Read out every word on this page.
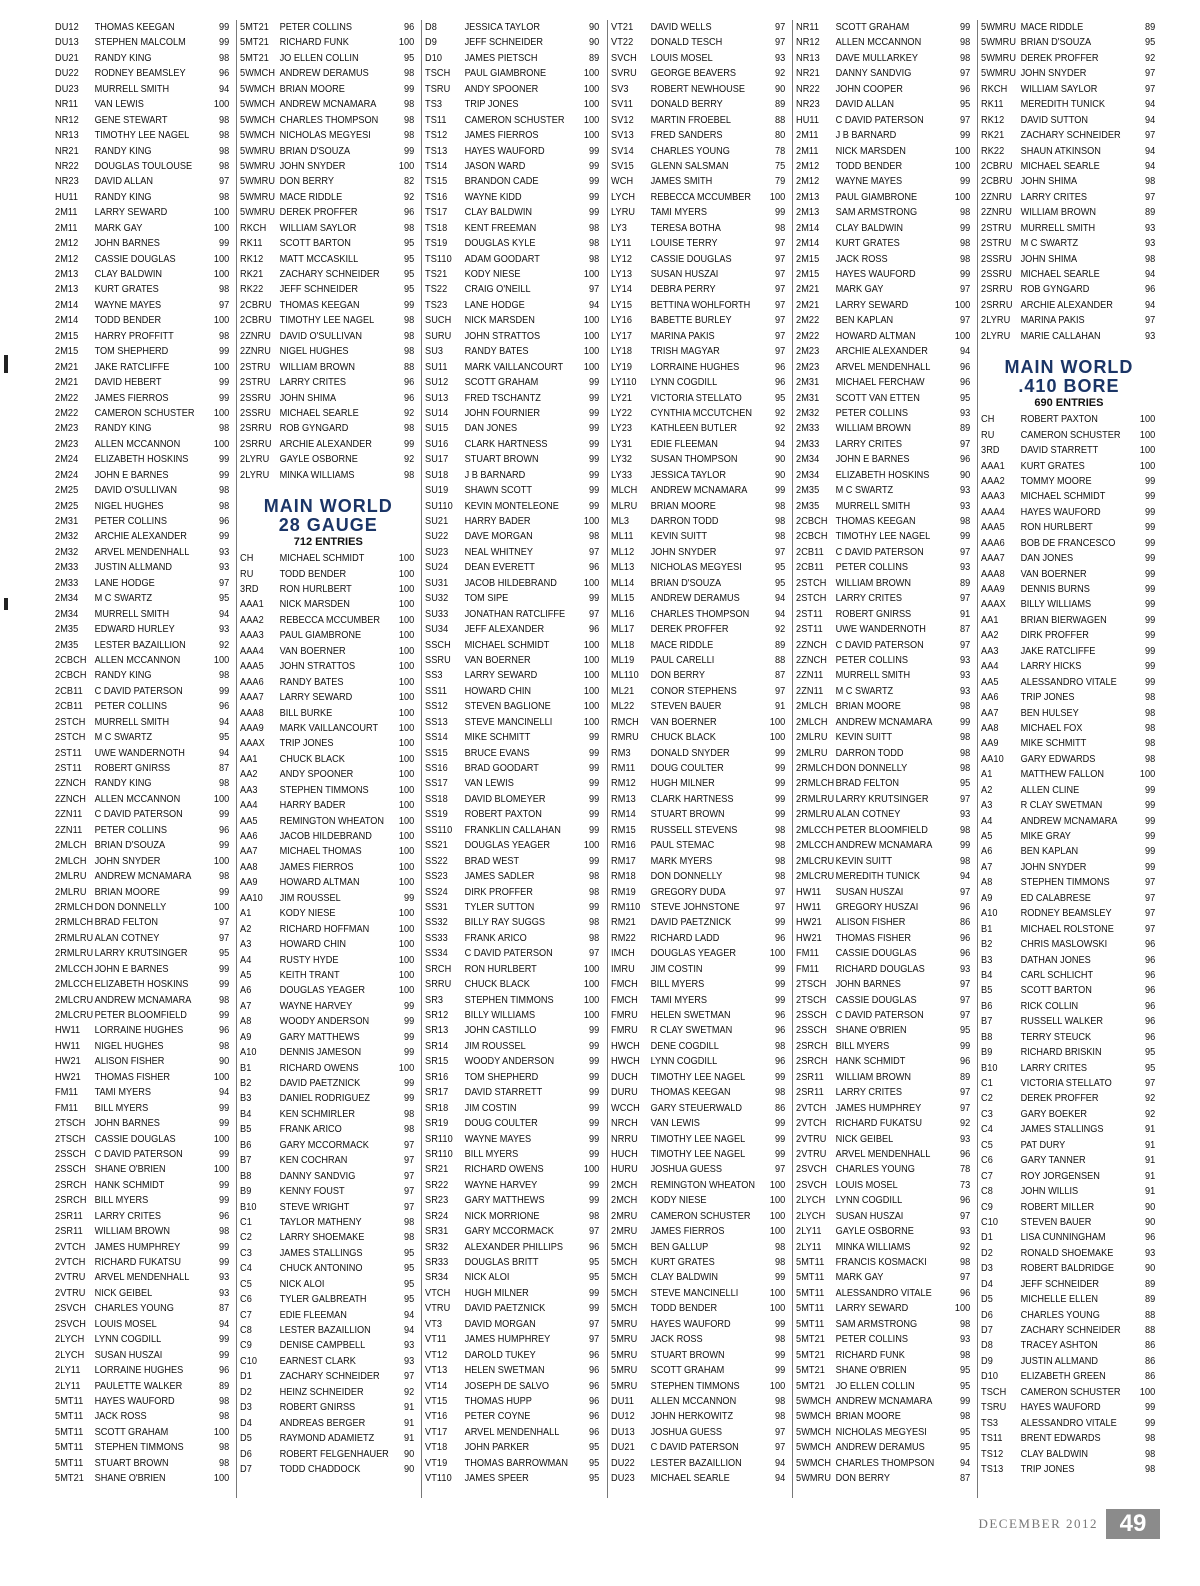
DU12	THOMAS KEEGAN	99
DU13	STEPHEN MALCOLM	99
DU21	RANDY KING	98
DU22	RODNEY BEAMSLEY	96
DU23	MURRELL SMITH	94
NR11	VAN LEWIS	100
NR12	GENE STEWART	98
NR13	TIMOTHY LEE NAGEL	98
NR21	RANDY KING	98
NR22	DOUGLAS TOULOUSE	98
NR23	DAVID ALLAN	97
HU11	RANDY KING	98
2M11	LARRY SEWARD	100
2M11	MARK GAY	100
2M12	JOHN BARNES	99
2M12	CASSIE DOUGLAS	100
2M13	CLAY BALDWIN	100
2M13	KURT GRATES	98
2M14	WAYNE MAYES	97
2M14	TODD BENDER	100
2M15	HARRY PROFFITT	98
2M15	TOM SHEPHERD	99
2M21	JAKE RATCLIFFE	100
2M21	DAVID HEBERT	99
2M22	JAMES FIERROS	99
2M22	CAMERON SCHUSTER	100
2M23	RANDY KING	98
2M23	ALLEN MCCANNON	100
2M24	ELIZABETH HOSKINS	99
2M24	JOHN E BARNES	99
2M25	DAVID O'SULLIVAN	98
2M25	NIGEL HUGHES	98
2M31	PETER COLLINS	96
2M32	ARCHIE ALEXANDER	99
2M32	ARVEL MENDENHALL	93
2M33	JUSTIN ALLMAND	93
2M33	LANE HODGE	97
2M34	M C SWARTZ	95
2M34	MURRELL SMITH	94
2M35	EDWARD HURLEY	93
2M35	LESTER BAZAILLION	92
2CBCH ALLEN MCCANNON	100
2CBCH RANDY KING	98
2CB11	C DAVID PATERSON	99
2CB11	PETER COLLINS	96
2STCH MURRELL SMITH	94
2STCH M C SWARTZ	95
2ST11	UWE WANDERNOTH	94
2ST11	ROBERT GNIRSS	87
2ZNCH RANDY KING	98
2ZNCH ALLEN MCCANNON	100
2ZN11	C DAVID PATERSON	99
2ZN11	PETER COLLINS	96
2MLCH BRIAN D'SOUZA	99
2MLCH JOHN SNYDER	100
2MLRU ANDREW MCNAMARA	98
2MLRU BRIAN MOORE	99
2RMLCH DON DONNELLY	100
2RMLCH BRAD FELTON	97
2RMLRU ALAN COTNEY	97
2RMLRU LARRY KRUTSINGER	95
2MLCCH JOHN E BARNES	99
2MLCCH ELIZABETH HOSKINS	99
2MLCRU ANDREW MCNAMARA	98
2MLCRU PETER BLOOMFIELD	99
HW11	LORRAINE HUGHES	96
HW11	NIGEL HUGHES	98
HW21	ALISON FISHER	90
HW21	THOMAS FISHER	100
FM11	TAMI MYERS	94
FM11	BILL MYERS	99
2TSCH JOHN BARNES	99
2TSCH CASSIE DOUGLAS	100
2SSCH C DAVID PATERSON	99
2SSCH SHANE O'BRIEN	100
2SRCH HANK SCHMIDT	99
2SRCH BILL MYERS	99
2SR11	LARRY CRITES	96
2SR11	WILLIAM BROWN	98
2VTCH JAMES HUMPHREY	99
2VTCH RICHARD FUKATSU	99
2VTRU ARVEL MENDENHALL	93
2VTRU NICK GEIBEL	93
2SVCH CHARLES YOUNG	87
2SVCH LOUIS MOSEL	94
2LYCH	LYNN COGDILL	99
2LYCH	SUSAN HUSZAI	99
2LY11	LORRAINE HUGHES	96
2LY11	PAULETTE WALKER	89
5MT11	HAYES WAUFORD	98
5MT11	JACK ROSS	98
5MT11	SCOTT GRAHAM	100
5MT11	STEPHEN TIMMONS	98
5MT11	STUART BROWN	98
5MT21	SHANE O'BRIEN	100
5MT21	PETER COLLINS	96
5MT21	RICHARD FUNK	100
5MT21	JO ELLEN COLLIN	95
5WMCH ANDREW DERAMUS	98
5WMCH BRIAN MOORE	99
5WMCH ANDREW MCNAMARA	98
5WMCH CHARLES THOMPSON	98
5WMCH NICHOLAS MEGYESI	98
5WMRU BRIAN D'SOUZA	99
5WMRU JOHN SNYDER	100
5WMRU DON BERRY	82
5WMRU MACE RIDDLE	92
5WMRU DEREK PROFFER	96
RKCH	WILLIAM SAYLOR	98
RK11	SCOTT BARTON	95
RK12	MATT MCCASKILL	95
RK21	ZACHARY SCHNEIDER	95
RK22	JEFF SCHNEIDER	95
2CBRU THOMAS KEEGAN	99
2CBRU TIMOTHY LEE NAGEL	98
2ZNRU DAVID O'SULLIVAN	98
2ZNRU NIGEL HUGHES	98
2STRU WILLIAM BROWN	88
2STRU LARRY CRITES	96
2SSRU JOHN SHIMA	96
2SSRU MICHAEL SEARLE	92
2SRRU ROB GYNGARD	98
2SRRU ARCHIE ALEXANDER	99
2LYRU	GAYLE OSBORNE	92
2LYRU	MINKA WILLIAMS	98
MAIN WORLD
28 GAUGE
712 ENTRIES
CH	MICHAEL SCHMIDT	100
RU	TODD BENDER	100
3RD	RON HURLBERT	100
AAA1	NICK MARSDEN	100
AAA2	REBECCA MCCUMBER	100
AAA3	PAUL GIAMBRONE	100
AAA4	VAN BOERNER	100
AAA5	JOHN STRATTOS	100
AAA6	RANDY BATES	100
AAA7	LARRY SEWARD	100
AAA8	BILL BURKE	100
AAA9	MARK VAILLANCOURT	100
AAAX	TRIP JONES	100
AA1	CHUCK BLACK	100
AA2	ANDY SPOONER	100
AA3	STEPHEN TIMMONS	100
AA4	HARRY BADER	100
AA5	REMINGTON WHEATON	100
AA6	JACOB HILDEBRAND	100
AA7	MICHAEL THOMAS	100
AA8	JAMES FIERROS	100
AA9	HOWARD ALTMAN	100
AA10	JIM ROUSSEL	99
A1	KODY NIESE	100
A2	RICHARD HOFFMAN	100
A3	HOWARD CHIN	100
A4	RUSTY HYDE	100
A5	KEITH TRANT	100
A6	DOUGLAS YEAGER	100
A7	WAYNE HARVEY	99
A8	WOODY ANDERSON	99
A9	GARY MATTHEWS	99
A10	DENNIS JAMESON	99
B1	RICHARD OWENS	100
B2	DAVID PAETZNICK	99
B3	DANIEL RODRIGUEZ	99
B4	KEN SCHMIRLER	98
B5	FRANK ARICO	98
B6	GARY MCCORMACK	97
B7	KEN COCHRAN	97
B8	DANNY SANDVIG	97
B9	KENNY FOUST	97
B10	STEVE WRIGHT	97
C1	TAYLOR MATHENY	98
C2	LARRY SHOEMAKE	98
C3	JAMES STALLINGS	95
C4	CHUCK ANTONINO	95
C5	NICK ALOI	95
C6	TYLER GALBREATH	95
C7	EDIE FLEEMAN	94
C8	LESTER BAZAILLION	94
C9	DENISE CAMPBELL	93
C10	EARNEST CLARK	93
D1	ZACHARY SCHNEIDER	97
D2	HEINZ SCHNEIDER	92
D3	ROBERT GNIRSS	91
D4	ANDREAS BERGER	91
D5	RAYMOND ADAMIETZ	91
D6	ROBERT FELGENHAUER	90
D7	TODD CHADDOCK	90
D8	JESSICA TAYLOR	90
D9	JEFF SCHNEIDER	90
D10	JAMES PIETSCH	89
TSCH	PAUL GIAMBRONE	100
TSRU	ANDY SPOONER	100
TS3	TRIP JONES	100
TS11	CAMERON SCHUSTER	100
TS12	JAMES FIERROS	100
TS13	HAYES WAUFORD	99
TS14	JASON WARD	99
TS15	BRANDON CADE	99
TS16	WAYNE KIDD	99
TS17	CLAY BALDWIN	99
TS18	KENT FREEMAN	98
TS19	DOUGLAS KYLE	98
TS110	ADAM GOODART	98
TS21	KODY NIESE	100
TS22	CRAIG O'NEILL	97
TS23	LANE HODGE	94
SUCH	NICK MARSDEN	100
SURU	JOHN STRATTOS	100
SU3	RANDY BATES	100
SU11	MARK VAILLANCOURT	100
SU12	SCOTT GRAHAM	99
SU13	FRED TSCHANTZ	99
SU14	JOHN FOURNIER	99
SU15	DAN JONES	99
SU16	CLARK HARTNESS	99
SU17	STUART BROWN	99
SU18	J B BARNARD	99
SU19	SHAWN SCOTT	99
SU110	KEVIN MONTELEONE	99
SU21	HARRY BADER	100
SU22	DAVE MORGAN	98
SU23	NEAL WHITNEY	97
SU24	DEAN EVERETT	96
SU31	JACOB HILDEBRAND	100
SU32	TOM SIPE	99
SU33	JONATHAN RATCLIFFE	97
SU34	JEFF ALEXANDER	96
SSCH	MICHAEL SCHMIDT	100
SSRU	VAN BOERNER	100
SS3	LARRY SEWARD	100
SS11	HOWARD CHIN	100
SS12	STEVEN BAGLIONE	100
SS13	STEVE MANCINELLI	100
SS14	MIKE SCHMITT	99
SS15	BRUCE EVANS	99
SS16	BRAD GOODART	99
SS17	VAN LEWIS	99
SS18	DAVID BLOMEYER	99
SS19	ROBERT PAXTON	99
SS110	FRANKLIN CALLAHAN	99
SS21	DOUGLAS YEAGER	100
SS22	BRAD WEST	99
SS23	JAMES SADLER	98
SS24	DIRK PROFFER	98
SS31	TYLER SUTTON	99
SS32	BILLY RAY SUGGS	98
SS33	FRANK ARICO	98
SS34	C DAVID PATERSON	97
SRCH	RON HURLBERT	100
SRRU	CHUCK BLACK	100
SR3	STEPHEN TIMMONS	100
SR12	BILLY WILLIAMS	100
SR13	JOHN CASTILLO	99
SR14	JIM ROUSSEL	99
SR15	WOODY ANDERSON	99
SR16	TOM SHEPHERD	99
SR17	DAVID STARRETT	99
SR18	JIM COSTIN	99
SR19	DOUG COULTER	99
SR110	WAYNE MAYES	99
SR110	BILL MYERS	99
SR21	RICHARD OWENS	100
SR22	WAYNE HARVEY	99
SR23	GARY MATTHEWS	99
SR24	NICK MORRIONE	98
SR31	GARY MCCORMACK	97
SR32	ALEXANDER PHILLIPS	96
SR33	DOUGLAS BRITT	95
SR34	NICK ALOI	95
VTCH	HUGH MILNER	99
VTRU	DAVID PAETZNICK	99
VT3	DAVID MORGAN	97
VT11	JAMES HUMPHREY	97
VT12	DAROLD TUKEY	96
VT13	HELEN SWETMAN	96
VT14	JOSEPH DE SALVO	96
VT15	THOMAS HUPP	96
VT16	PETER COYNE	96
VT17	ARVEL MENDENHALL	96
VT18	JOHN PARKER	95
VT19	THOMAS BARROWMAN	95
VT110	JAMES SPEER	95
VT21	DAVID WELLS	97
VT22	DONALD TESCH	97
SVCH	LOUIS MOSEL	93
SVRU	GEORGE BEAVERS	92
SV3	ROBERT NEWHOUSE	90
SV11	DONALD BERRY	89
SV12	MARTIN FROEBEL	88
SV13	FRED SANDERS	80
SV14	CHARLES YOUNG	78
SV15	GLENN SALSMAN	75
WCH	JAMES SMITH	79
LYCH	REBECCA MCCUMBER	100
LYRU	TAMI MYERS	99
LY3	TERESA BOTHA	98
LY11	LOUISE TERRY	97
LY12	CASSIE DOUGLAS	97
LY13	SUSAN HUSZAI	97
LY14	DEBRA PERRY	97
LY15	BETTINA WOHLFORTH	97
LY16	BABETTE BURLEY	97
LY17	MARINA PAKIS	97
LY18	TRISH MAGYAR	97
LY19	LORRAINE HUGHES	96
LY110	LYNN COGDILL	96
LY21	VICTORIA STELLATO	95
LY22	CYNTHIA MCCUTCHEN	92
LY23	KATHLEEN BUTLER	92
LY31	EDIE FLEEMAN	94
LY32	SUSAN THOMPSON	90
LY33	JESSICA TAYLOR	90
MLCH	ANDREW MCNAMARA	99
MLRU	BRIAN MOORE	98
ML3	DARRON TODD	98
ML11	KEVIN SUITT	98
ML12	JOHN SNYDER	97
ML13	NICHOLAS MEGYESI	95
ML14	BRIAN D'SOUZA	95
ML15	ANDREW DERAMUS	94
ML16	CHARLES THOMPSON	94
ML17	DEREK PROFFER	92
ML18	MACE RIDDLE	89
ML19	PAUL CARELLI	88
ML110	DON BERRY	87
ML21	CONOR STEPHENS	97
ML22	STEVEN BAUER	91
RMCH	VAN BOERNER	100
RMRU	CHUCK BLACK	100
RM3	DONALD SNYDER	99
RM11	DOUG COULTER	99
RM12	HUGH MILNER	99
RM13	CLARK HARTNESS	99
RM14	STUART BROWN	99
RM15	RUSSELL STEVENS	98
RM16	PAUL STEMAC	98
RM17	MARK MYERS	98
RM18	DON DONNELLY	98
RM19	GREGORY DUDA	97
RM110	STEVE JOHNSTONE	97
RM21	DAVID PAETZNICK	99
RM22	RICHARD LADD	96
IMCH	DOUGLAS YEAGER	100
IMRU	JIM COSTIN	99
FMCH	BILL MYERS	99
FMCH	TAMI MYERS	99
FMRU	HELEN SWETMAN	96
FMRU	R CLAY SWETMAN	96
HWCH	DENE COGDILL	98
HWCH	LYNN COGDILL	96
DUCH	TIMOTHY LEE NAGEL	99
DURU	THOMAS KEEGAN	98
WCCH	GARY STEUERWALD	86
NRCH	VAN LEWIS	99
NRRU	TIMOTHY LEE NAGEL	99
HUCH	TIMOTHY LEE NAGEL	99
HURU	JOSHUA GUESS	97
2MCH	REMINGTON WHEATON	100
2MCH	KODY NIESE	100
2MRU	CAMERON SCHUSTER	100
2MRU	JAMES FIERROS	100
5MCH	BEN GALLUP	98
5MCH	KURT GRATES	98
5MCH	CLAY BALDWIN	99
5MCH	STEVE MANCINELLI	100
5MCH	TODD BENDER	100
5MRU	HAYES WAUFORD	99
5MRU	JACK ROSS	98
5MRU	STUART BROWN	99
5MRU	SCOTT GRAHAM	99
5MRU	STEPHEN TIMMONS	100
DU11	ALLEN MCCANNON	98
DU12	JOHN HERKOWITZ	98
DU13	JOSHUA GUESS	97
DU21	C DAVID PATERSON	97
DU22	LESTER BAZAILLION	94
DU23	MICHAEL SEARLE	94
NR11	SCOTT GRAHAM	99
NR12	ALLEN MCCANNON	98
NR13	DAVE MULLARKEY	98
NR21	DANNY SANDVIG	97
NR22	JOHN COOPER	96
NR23	DAVID ALLAN	95
HU11	C DAVID PATERSON	97
2M11	J B BARNARD	99
2M11	NICK MARSDEN	100
2M12	TODD BENDER	100
2M12	WAYNE MAYES	99
2M13	PAUL GIAMBRONE	100
2M13	SAM ARMSTRONG	98
2M14	CLAY BALDWIN	99
2M14	KURT GRATES	98
2M15	JACK ROSS	98
2M15	HAYES WAUFORD	99
2M21	MARK GAY	97
2M21	LARRY SEWARD	100
2M22	BEN KAPLAN	97
2M22	HOWARD ALTMAN	100
2M23	ARCHIE ALEXANDER	94
2M23	ARVEL MENDENHALL	96
2M31	MICHAEL FERCHAW	96
2M31	SCOTT VAN ETTEN	95
2M32	PETER COLLINS	93
2M33	WILLIAM BROWN	89
2M33	LARRY CRITES	97
2M34	JOHN E BARNES	96
2M34	ELIZABETH HOSKINS	90
2M35	M C SWARTZ	93
2M35	MURRELL SMITH	93
2CBCH THOMAS KEEGAN	98
2CBCH TIMOTHY LEE NAGEL	99
2CB11	C DAVID PATERSON	97
2CB11	PETER COLLINS	93
2STCH WILLIAM BROWN	89
2STCH LARRY CRITES	97
2ST11	ROBERT GNIRSS	91
2ST11	UWE WANDERNOTH	87
2ZNCH C DAVID PATERSON	97
2ZNCH PETER COLLINS	93
2ZN11	MURRELL SMITH	93
2ZN11	M C SWARTZ	93
2MLCH BRIAN MOORE	98
2MLCH ANDREW MCNAMARA	99
2MLRU KEVIN SUITT	98
2MLRU DARRON TODD	98
2RMLCH DON DONNELLY	98
2RMLCH BRAD FELTON	95
2RMLRU LARRY KRUTSINGER	97
2RMLRU ALAN COTNEY	93
2MLCCH PETER BLOOMFIELD	98
2MLCCH ANDREW MCNAMARA	99
2MLCRU KEVIN SUITT	98
2MLCRU MEREDITH TUNICK	94
HW11	SUSAN HUSZAI	97
HW11	GREGORY HUSZAI	96
HW21	ALISON FISHER	86
HW21	THOMAS FISHER	96
FM11	CASSIE DOUGLAS	96
FM11	RICHARD DOUGLAS	93
2TSCH JOHN BARNES	97
2TSCH CASSIE DOUGLAS	97
2SSCH C DAVID PATERSON	97
2SSCH SHANE O'BRIEN	95
2SRCH BILL MYERS	99
2SRCH HANK SCHMIDT	96
2SR11	WILLIAM BROWN	89
2SR11	LARRY CRITES	97
2VTCH JAMES HUMPHREY	97
2VTCH RICHARD FUKATSU	92
2VTRU NICK GEIBEL	93
2VTRU ARVEL MENDENHALL	96
2SVCH CHARLES YOUNG	78
2SVCH LOUIS MOSEL	73
2LYCH	LYNN COGDILL	96
2LYCH	SUSAN HUSZAI	97
2LY11	GAYLE OSBORNE	93
2LY11	MINKA WILLIAMS	92
5MT11	FRANCIS KOSMACKI	98
5MT11	MARK GAY	97
5MT11	ALESSANDRO VITALE	96
5MT11	LARRY SEWARD	100
5MT11	SAM ARMSTRONG	98
5MT21	PETER COLLINS	93
5MT21	RICHARD FUNK	98
5MT21	SHANE O'BRIEN	95
5MT21	JO ELLEN COLLIN	95
5WMCH ANDREW MCNAMARA	99
5WMCH BRIAN MOORE	98
5WMCH NICHOLAS MEGYESI	95
5WMCH ANDREW DERAMUS	95
5WMCH CHARLES THOMPSON	94
5WMRU DON BERRY	87
5WMRU MACE RIDDLE	89
5WMRU BRIAN D'SOUZA	95
5WMRU DEREK PROFFER	92
5WMRU JOHN SNYDER	97
RKCH	WILLIAM SAYLOR	97
RK11	MEREDITH TUNICK	94
RK12	DAVID SUTTON	94
RK21	ZACHARY SCHNEIDER	97
RK22	SHAUN ATKINSON	94
2CBRU MICHAEL SEARLE	94
2CBRU JOHN SHIMA	98
2ZNRU LARRY CRITES	97
2ZNRU WILLIAM BROWN	89
2STRU MURRELL SMITH	93
2STRU M C SWARTZ	93
2SSRU JOHN SHIMA	98
2SSRU MICHAEL SEARLE	94
2SRRU ROB GYNGARD	96
2SRRU ARCHIE ALEXANDER	94
2LYRU	MARINA PAKIS	97
2LYRU	MARIE CALLAHAN	93
MAIN WORLD
.410 BORE
690 ENTRIES
CH	ROBERT PAXTON	100
RU	CAMERON SCHUSTER	100
3RD	DAVID STARRETT	100
AAA1	KURT GRATES	100
AAA2	TOMMY MOORE	99
AAA3	MICHAEL SCHMIDT	99
AAA4	HAYES WAUFORD	99
AAA5	RON HURLBERT	99
AAA6	BOB DE FRANCESCO	99
AAA7	DAN JONES	99
AAA8	VAN BOERNER	99
AAA9	DENNIS BURNS	99
AAAX	BILLY WILLIAMS	99
AA1	BRIAN BIERWAGEN	99
AA2	DIRK PROFFER	99
AA3	JAKE RATCLIFFE	99
AA4	LARRY HICKS	99
AA5	ALESSANDRO VITALE	99
AA6	TRIP JONES	98
AA7	BEN HULSEY	98
AA8	MICHAEL FOX	98
AA9	MIKE SCHMITT	98
AA10	GARY EDWARDS	98
A1	MATTHEW FALLON	100
A2	ALLEN CLINE	99
A3	R CLAY SWETMAN	99
A4	ANDREW MCNAMARA	99
A5	MIKE GRAY	99
A6	BEN KAPLAN	99
A7	JOHN SNYDER	99
A8	STEPHEN TIMMONS	97
A9	ED CALABRESE	97
A10	RODNEY BEAMSLEY	97
B1	MICHAEL ROLSTONE	97
B2	CHRIS MASLOWSKI	96
B3	DATHAN JONES	96
B4	CARL SCHLICHT	96
B5	SCOTT BARTON	96
B6	RICK COLLIN	96
B7	RUSSELL WALKER	96
B8	TERRY STEUCK	96
B9	RICHARD BRISKIN	95
B10	LARRY CRITES	95
C1	VICTORIA STELLATO	97
C2	DEREK PROFFER	92
C3	GARY BOEKER	92
C4	JAMES STALLINGS	91
C5	PAT DURY	91
C6	GARY TANNER	91
C7	ROY JORGENSEN	91
C8	JOHN WILLIS	91
C9	ROBERT MILLER	90
C10	STEVEN BAUER	90
D1	LISA CUNNINGHAM	96
D2	RONALD SHOEMAKE	93
D3	ROBERT BALDRIDGE	90
D4	JEFF SCHNEIDER	89
D5	MICHELLE ELLEN	89
D6	CHARLES YOUNG	88
D7	ZACHARY SCHNEIDER	88
D8	TRACEY ASHTON	86
D9	JUSTIN ALLMAND	86
D10	ELIZABETH GREEN	86
TSCH	CAMERON SCHUSTER	100
TSRU	HAYES WAUFORD	99
TS3	ALESSANDRO VITALE	99
TS11	BRENT EDWARDS	98
TS12	CLAY BALDWIN	98
TS13	TRIP JONES	98
DECEMBER 2012 49
